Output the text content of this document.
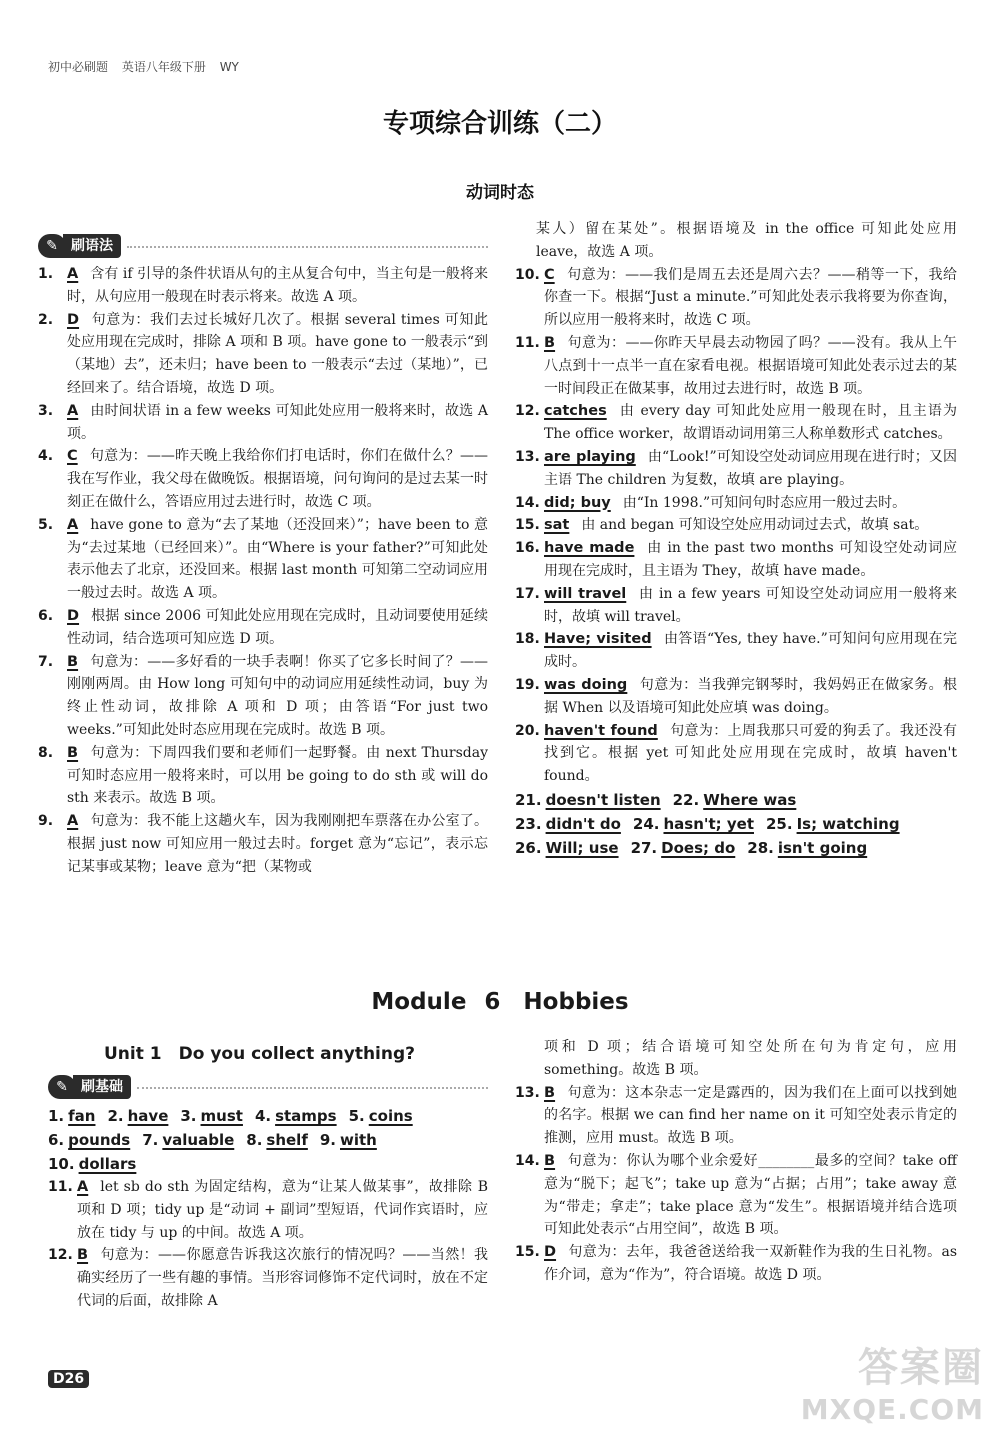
初中必刷题 英语八年级下册 WY
专项综合训练（二）
动词时态
✎ 刷语法
1. A 含有 if 引导的条件状语从句的主从复合句中，当主句是一般将来时，从句应用一般现在时表示将来。故选 A 项。
2. D 句意为：我们去过长城好几次了。根据 several times 可知此处应用现在完成时，排除 A 项和 B 项。have gone to 一般表示“到（某地）去”，还未归；have been to 一般表示“去过（某地）”，已经回来了。结合语境，故选 D 项。
3. A 由时间状语 in a few weeks 可知此处应用一般将来时，故选 A 项。
4. C 句意为：——昨天晚上我给你们打电话时，你们在做什么？——我在写作业，我父母在做晚饭。根据语境，问句询问的是过去某一时刻正在做什么，答语应用过去进行时，故选 C 项。
5. A have gone to 意为“去了某地（还没回来）”；have been to 意为“去过某地（已经回来）”。由“Where is your father?”可知此处表示他去了北京，还没回来。根据 last month 可知第二空动词应用一般过去时。故选 A 项。
6. D 根据 since 2006 可知此处应用现在完成时，且动词要使用延续性动词，结合选项可知应选 D 项。
7. B 句意为：——多好看的一块手表啊！你买了它多长时间了？——刚刚两周。由 How long 可知句中的动词应用延续性动词，buy 为终止性动词，故排除 A 项和 D 项；由答语“For just two weeks.”可知此处时态应用现在完成时。故选 B 项。
8. B 句意为：下周四我们要和老师们一起野餐。由 next Thursday 可知时态应用一般将来时，可以用 be going to do sth 或 will do sth 来表示。故选 B 项。
9. A 句意为：我不能上这趟火车，因为我刚刚把车票落在办公室了。根据 just now 可知应用一般过去时。forget 意为“忘记”，表示忘记某事或某物；leave 意为“把（某物或
某人）留在某处”。根据语境及 in the office 可知此处应用 leave，故选 A 项。
10. C 句意为：——我们是周五去还是周六去？——稍等一下，我给你查一下。根据“Just a minute.”可知此处表示我将要为你查询，所以应用一般将来时，故选 C 项。
11. B 句意为：——你昨天早晨去动物园了吗？——没有。我从上午八点到十一点半一直在家看电视。根据语境可知此处表示过去的某一时间段正在做某事，故用过去进行时，故选 B 项。
12. catches 由 every day 可知此处应用一般现在时，且主语为 The office worker，故谓语动词用第三人称单数形式 catches。
13. are playing 由“Look!”可知设空处动词应用现在进行时；又因主语 The children 为复数，故填 are playing。
14. did; buy 由“In 1998.”可知问句时态应用一般过去时。
15. sat 由 and began 可知设空处应用动词过去式，故填 sat。
16. have made 由 in the past two months 可知设空处动词应用现在完成时，且主语为 They，故填 have made。
17. will travel 由 in a few years 可知设空处动词应用一般将来时，故填 will travel。
18. Have; visited 由答语“Yes, they have.”可知问句应用现在完成时。
19. was doing 句意为：当我弹完钢琴时，我妈妈正在做家务。根据 When 以及语境可知此处应填 was doing。
20. haven't found 句意为：上周我那只可爱的狗丢了。我还没有找到它。根据 yet 可知此处应用现在完成时，故填 haven't found。
21. doesn't listen 22. Where was
23. didn't do 24. hasn't; yet 25. Is; watching
26. Will; use 27. Does; do 28. isn't going
Module 6　Hobbies
Unit 1　Do you collect anything?
✎ 刷基础
1. fan 2. have 3. must 4. stamps 5. coins
6. pounds 7. valuable 8. shelf 9. with
10. dollars
11. A let sb do sth 为固定结构，意为“让某人做某事”，故排除 B 项和 D 项；tidy up 是“动词 + 副词”型短语，代词作宾语时，应放在 tidy 与 up 的中间。故选 A 项。
12. B 句意为：——你愿意告诉我这次旅行的情况吗？——当然！我确实经历了一些有趣的事情。当形容词修饰不定代词时，放在不定代词的后面，故排除 A
项和 D 项；结合语境可知空处所在句为肯定句，应用 something。故选 B 项。
13. B 句意为：这本杂志一定是露西的，因为我们在上面可以找到她的名字。根据 we can find her name on it 可知空处表示肯定的推测，应用 must。故选 B 项。
14. B 句意为：你认为哪个业余爱好________最多的空间？take off 意为“脱下；起飞”；take up 意为“占据；占用”；take away 意为“带走；拿走”；take place 意为“发生”。根据语境并结合选项可知此处表示“占用空间”，故选 B 项。
15. D 句意为：去年，我爸爸送给我一双新鞋作为我的生日礼物。as 作介词，意为“作为”，符合语境。故选 D 项。
D26	答案圈
MXQE.COM
